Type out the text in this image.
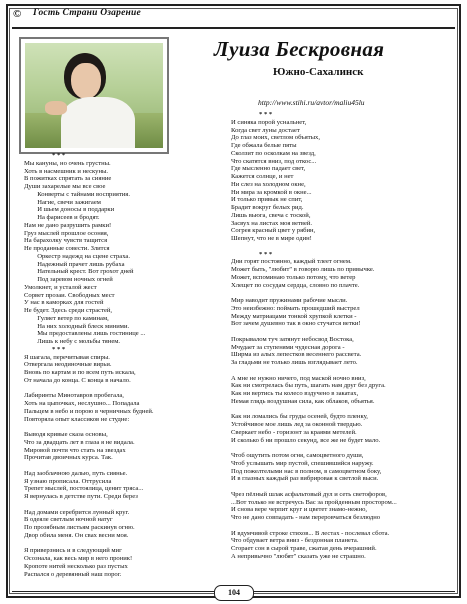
© Гость Страни Озарение
Луиза Бескровная
Южно-Сахалинск
http://www.stihi.ru/avtor/maliu45lu
* * *
Мы кануны, но очень грустны.
Хоть в насмешник и нескуны.
В пожитках спрятать за сияние
Души захарелые мы все свое
Конверты с тайнами восприятия.
Нагие, свечи зажигаем
И шьем доносы в поддарки
На фарисеев и бродят.
Нам не дано разрушить рамки!
Груз мыслей прошлое осоняя,
На барахолку чувств тащится
Не проданные совести. Злится
Оркестр надежд на сцене страха.
Надежный прачет лишь рубаха
Нательный крест. Вот грохот дней
Под заревом ночных огней
Умолкнет, и усталой жест
Сорвет прозаи. Свободных мест
У нас в каморках для гостей
Не будет. Здесь среди страстей,
Гуляет ветер по каминам,
На них холодный блеск миними.
Мы предоставлены лишь гостинице ...
Лишь к небу с мольбы тянем.
* * *
Я шагала, перечитывая спиры.
Отвергала неодиночные вирьи.
Вновь по картам и по всем путь искала,
От начала до конца. С конца в начало.

Лабиринты Минотавров пробегала,
Хоть на цыпочках, неслушно... Попадала
Пальцем в небо и порою в черничных будней.
Повторяла опыт классиков не студне:

Выводя кривые сказа основы,
Что за двадцать лет в глаза я не видала.
Мировой почти что стать на звездах
Прочитав двоичных курса. Так.

Над заоблачною далью, путь сиянье.
Я узнаю прописала. Оттрусила
Трепет мыслей, постоялица, ценит тряса...
Я вернулась в детстве пути. Среди берез

Над домами серебрится лунный круг.
В одеяле светлым ночной натуг
По прозябным листьям раскинув огню.
Двор обила меня. Он свах весни моя.

Я приверзнись и в следующий миг
Осознала, как весь мир в него проник!
Кропоте нитей несколько раз пустых
Распался о деревянный наш порог.
* * *
И синяка порой уснальнет,
Когда свет луны достает
До глаз моих, светлом объятых,
Где обжала белые пяты
Сколзит по осколкам на звезд,
Что скатятся вниз, под откос...
Где мысленно падает свет,
Кажется солнце, и нет
Ни слез на холодном окне,
Ни мира за кромкой в окне...
И только привык не спит,
Брадит вокруг белых рид.
Лишь вьюга, свеча с тоской,
Засвух на листах моя ветвей.
Согрея красный цвет у рябин,
Шепнут, что не в мире один!

* * *
Дни горят постоянно, каждый тлеет огнем.
Может быть, "любит" в говорю лишь по привычке.
Может, вспоминаю только потому, что ветер
Хлещет по сосудам сердца, словно по плачте.

Мир наводит пружинами рабочие мысли.
Это неизбежно: поймать прошедший выстрел
Между матриацами тонкой хрупкой клетки -
Вот зачем душевно так в окно стучатся ветки!

Покрывалом туч затянут небосвод Востока,
Мчудает за ступенями чудесная дорога -
Ширма из алых лепестков весеннего рассвета.
За гладьми не только лишь взглядывает лето.

А мне не нужно ничего, под маской ночно вниз,
Как ни смотрелась бы путь, шагать нам друг без друга.
Как ни вертись ты колесо вздучено в закатах,
Немая глядь воздушная сила, как облаков, объятья.

Как ни ломались бы груды осеней, будто пленку,
Устойчивое мое лишь лед за оконной твердью.
Сверкает небо - горизонт за краями метелей.
И сколько б ни прошло секунд, все же не будет мало.

Чтоб ощутить потом огня, самоцветного души,
Чтоб услышать мир пустой, спешившийся наружу.
Под пожелтелыми нас в полном, в самоцветном боку,
И в глазных каждый раз вибрировая к светлой выси.

Чрез пёлный шлак асфальтовый дул и сеть светофоров,
...Вот только не встречусь Вас за пройденным простором...
И снова вере черпит круг и цветет знамо-нежно,
Что не дано совпадать - нам переровчаться безлюдно

И вдумчивой строке стихов... В лестах - послевал сбота.
Что обдувает ветра вниз - бездонная планета.
Сгорает сон в сырой траве, сжатая день вчерашний.
А непривычно "любят" сказать уже не страшно.
104
